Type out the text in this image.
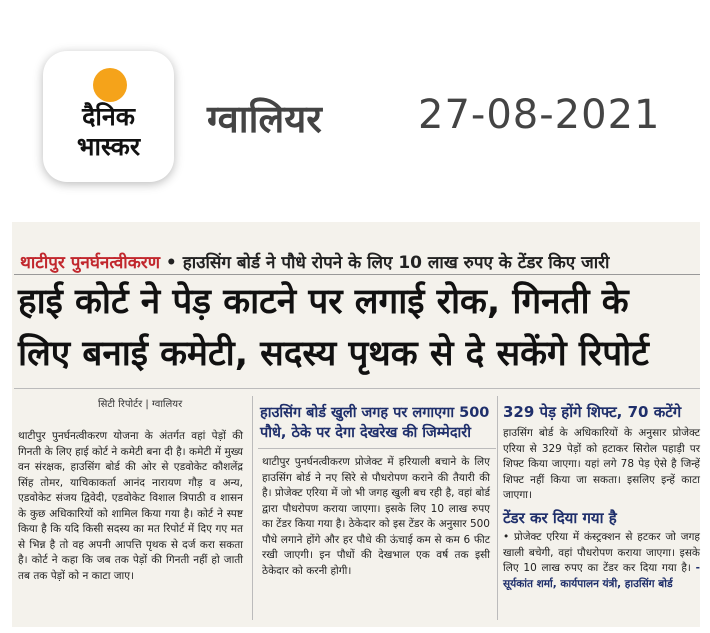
दैनिक
भास्कर
ग्वालियर 27-08-2021
थाटीपुर पुनर्घनत्वीकरण • हाउसिंग बोर्ड ने पौधे रोपने के लिए 10 लाख रुपए के टेंडर किए जारी
हाई कोर्ट ने पेड़ काटने पर लगाई रोक, गिनती के
लिए बनाई कमेटी, सदस्य पृथक से दे सकेंगे रिपोर्ट
सिटी रिपोर्टर | ग्वालियर
थाटीपुर पुनर्घनत्वीकरण योजना के अंतर्गत वहां पेड़ों की गिनती के लिए हाई कोर्ट ने कमेटी बना दी है। कमेटी में मुख्य वन संरक्षक, हाउसिंग बोर्ड की ओर से एडवोकेट कौशलेंद्र सिंह तोमर, याचिकाकर्ता आनंद नारायण गौड़ व अन्य, एडवोकेट संजय द्विवेदी, एडवोकेट विशाल त्रिपाठी व शासन के कुछ अधिकारियों को शामिल किया गया है। कोर्ट ने स्पष्ट किया है कि यदि किसी सदस्य का मत रिपोर्ट में दिए गए मत से भिन्न है तो वह अपनी आपत्ति पृथक से दर्ज करा सकता है। कोर्ट ने कहा कि जब तक पेड़ों की गिनती नहीं हो जाती तब तक पेड़ों को न काटा जाए।
हाउसिंग बोर्ड खुली जगह पर लगाएगा 500 पौधे, ठेके पर देगा देखरेख की जिम्मेदारी
थाटीपुर पुनर्घनत्वीकरण प्रोजेक्ट में हरियाली बचाने के लिए हाउसिंग बोर्ड ने नए सिरे से पौधरोपण कराने की तैयारी की है। प्रोजेक्ट एरिया में जो भी जगह खुली बच रही है, वहां बोर्ड द्वारा पौधरोपण कराया जाएगा। इसके लिए 10 लाख रुपए का टेंडर किया गया है। ठेकेदार को इस टेंडर के अनुसार 500 पौधे लगाने होंगे और हर पौधे की ऊंचाई कम से कम 6 फीट रखी जाएगी। इन पौधों की देखभाल एक वर्ष तक इसी ठेकेदार को करनी होगी।
329 पेड़ होंगे शिफ्ट, 70 कटेंगे
हाउसिंग बोर्ड के अधिकारियों के अनुसार प्रोजेक्ट एरिया से 329 पेड़ों को हटाकर सिरोल पहाड़ी पर शिफ्ट किया जाएगा। यहां लगे 78 पेड़ ऐसे है जिन्हें शिफ्ट नहीं किया जा सकता। इसलिए इन्हें काटा जाएगा।
टेंडर कर दिया गया है
• प्रोजेक्ट एरिया में कंस्ट्रक्शन से हटकर जो जगह खाली बचेगी, वहां पौधरोपण कराया जाएगा। इसके लिए 10 लाख रुपए का टेंडर कर दिया गया है। - सूर्यकांत शर्मा, कार्यपालन यंत्री, हाउसिंग बोर्ड
